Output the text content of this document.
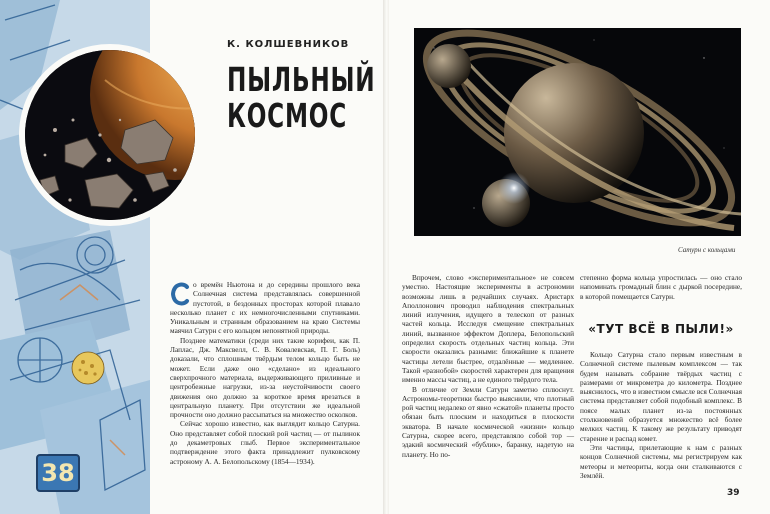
38
К. КОЛШЕВНИКОВ
ПЫЛЬНЫЙ
КОСМОС

о времён Ньютона и до середины прошлого века Солнечная система представлялась совершенной пустотой, в бездонных просторах которой плавало несколько планет с их немногочисленными спутниками. Уникальным и странным образованием на краю Системы маячил Сатурн с его кольцом непонятной природы.

Позднее математики (среди них такие корифеи, как П. Лаплас, Дж. Максвелл, С. В. Ковалевская, П. Г. Боль) доказали, что сплошным твёрдым телом кольцо быть не может. Если даже оно «сделано» из идеального сверхпрочного материала, выдерживающего приливные и центробежные нагрузки, из-за неустойчивости своего движения оно должно за короткое время врезаться в центральную планету. При отсутствии же идеальной прочности оно должно рассыпаться на множество осколков.

Сейчас хорошо известно, как выглядит кольцо Сатурна. Оно представляет собой плоский рой частиц — от пылинок до декаметровых глыб. Первое экспериментальное подтверждение этого факта принадлежит пулковскому астроному А. А. Белопольскому (1854—1934).

Сатурн с кольцами

Впрочем, слово «экспериментальное» не совсем уместно. Настоящие эксперименты в астрономии возможны лишь в редчайших случаях. Аристарх Аполлонович проводил наблюдения спектральных линий излучения, идущего в телескоп от разных частей кольца. Исследуя смещение спектральных линий, вызванное эффектом Доплера, Белопольский определил скорость отдельных частиц кольца. Эти скорости оказались разными: ближайшие к планете частицы летели быстрее, отдалённые — медленнее. Такой «разнобой» скоростей характерен для вращения именно массы частиц, а не единого твёрдого тела.

В отличие от Земли Сатурн заметно сплюснут. Астрономы-теоретики быстро выяснили, что плотный рой частиц недалеко от явно «сжатой» планеты просто обязан быть плоским и находиться в плоскости экватора. В начале космической «жизни» кольцо Сатурна, скорее всего, представляло собой тор — эдакий космический «бублик», баранку, надетую на планету. Но по-

степенно форма кольца упростилась — оно стало напоминать громадный блин с дыркой посередине, в которой помещается Сатурн.

«ТУТ ВСЁ В ПЫЛИ!»

Кольцо Сатурна стало первым известным в Солнечной системе пылевым комплексом — так будем называть собрание твёрдых частиц с размерами от микрометра до километра. Позднее выяснилось, что в известном смысле вся Солнечная система представляет собой подобный комплекс. В поясе малых планет из-за постоянных столкновений образуется множество всё более мелких частиц. К такому же результату приводят старение и распад комет.

Эти частицы, прилетающие к нам с разных концов Солнечной системы, мы регистрируем как метеоры и метеориты, когда они сталкиваются с Землёй.

39
